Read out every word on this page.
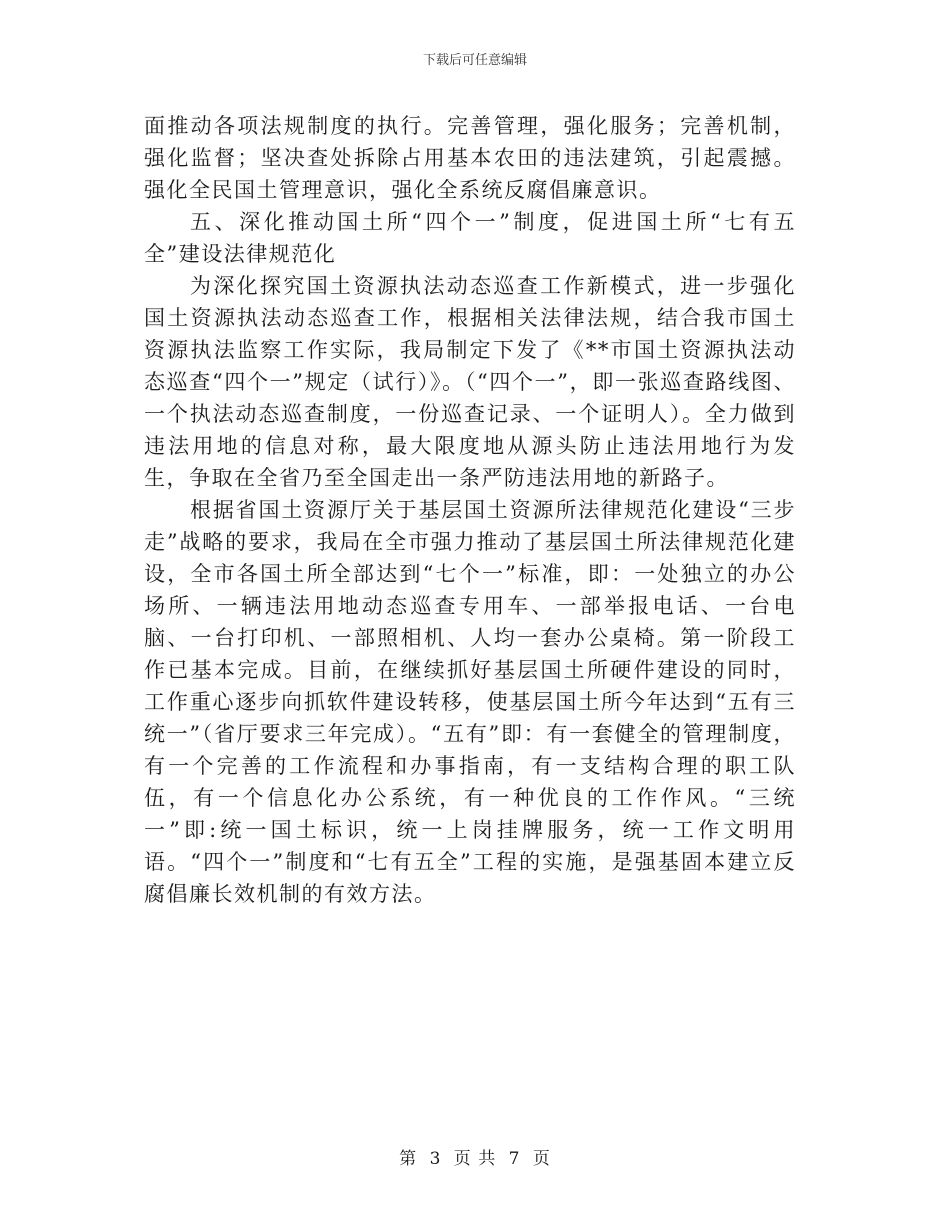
下载后可任意编辑

面推动各项法规制度的执行。完善管理，强化服务；完善机制，强化监督；坚决查处拆除占用基本农田的违法建筑，引起震撼。强化全民国土管理意识，强化全系统反腐倡廉意识。

五、深化推动国土所“四个一”制度，促进国土所“七有五全”建设法律规范化

为深化探究国土资源执法动态巡查工作新模式，进一步强化国土资源执法动态巡查工作，根据相关法律法规，结合我市国土资源执法监察工作实际，我局制定下发了《**市国土资源执法动态巡查“四个一”规定（试行）》。（“四个一”，即一张巡查路线图、一个执法动态巡查制度，一份巡查记录、一个证明人）。全力做到违法用地的信息对称，最大限度地从源头防止违法用地行为发生，争取在全省乃至全国走出一条严防违法用地的新路子。

根据省国土资源厅关于基层国土资源所法律规范化建设“三步走”战略的要求，我局在全市强力推动了基层国土所法律规范化建设，全市各国土所全部达到“七个一”标准，即：一处独立的办公场所、一辆违法用地动态巡查专用车、一部举报电话、一台电脑、一台打印机、一部照相机、人均一套办公桌椅。第一阶段工作已基本完成。目前，在继续抓好基层国土所硬件建设的同时，工作重心逐步向抓软件建设转移，使基层国土所今年达到“五有三统一”（省厅要求三年完成）。“五有”即：有一套健全的管理制度，有一个完善的工作流程和办事指南，有一支结构合理的职工队伍，有一个信息化办公系统，有一种优良的工作作风。“三统一”即:统一国土标识，统一上岗挂牌服务，统一工作文明用语。“四个一”制度和“七有五全”工程的实施，是强基固本建立反腐倡廉长效机制的有效方法。

第 3 页 共 7 页
